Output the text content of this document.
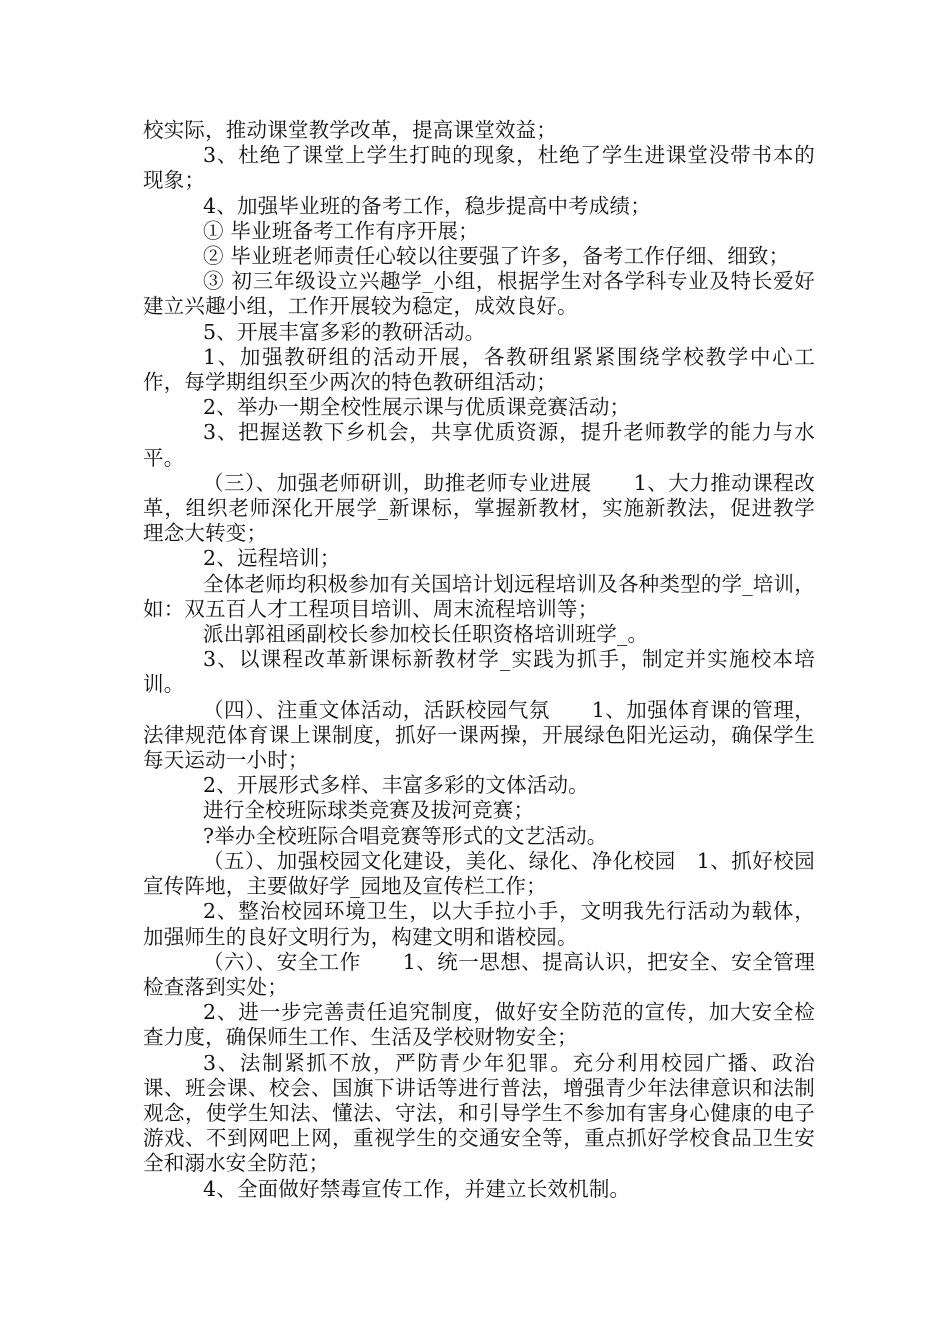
校实际，推动课堂教学改革，提高课堂效益；

3、杜绝了课堂上学生打盹的现象，杜绝了学生进课堂没带书本的现象；

4、加强毕业班的备考工作，稳步提高中考成绩；

① 毕业班备考工作有序开展；

② 毕业班老师责任心较以往要强了许多，备考工作仔细、细致；

③ 初三年级设立兴趣学_小组，根据学生对各学科专业及特长爱好建立兴趣小组，工作开展较为稳定，成效良好。

5、开展丰富多彩的教研活动。

1、加强教研组的活动开展，各教研组紧紧围绕学校教学中心工作，每学期组织至少两次的特色教研组活动；

2、举办一期全校性展示课与优质课竞赛活动；

3、把握送教下乡机会，共享优质资源，提升老师教学的能力与水平。

（三）、加强老师研训，助推老师专业进展　　1、大力推动课程改革，组织老师深化开展学_新课标，掌握新教材，实施新教法，促进教学理念大转变；

2、远程培训；

全体老师均积极参加有关国培计划远程培训及各种类型的学_培训，如：双五百人才工程项目培训、周末流程培训等；

派出郭祖函副校长参加校长任职资格培训班学_。

3、以课程改革新课标新教材学_实践为抓手，制定并实施校本培训。

（四）、注重文体活动，活跃校园气氛　　1、加强体育课的管理，法律规范体育课上课制度，抓好一课两操，开展绿色阳光运动，确保学生每天运动一小时；

2、开展形式多样、丰富多彩的文体活动。

进行全校班际球类竞赛及拔河竞赛；

?举办全校班际合唱竞赛等形式的文艺活动。

（五）、加强校园文化建设，美化、绿化、净化校园　1、抓好校园宣传阵地，主要做好学_园地及宣传栏工作；

2、整治校园环境卫生，以大手拉小手，文明我先行活动为载体，加强师生的良好文明行为，构建文明和谐校园。

（六）、安全工作　　1、统一思想、提高认识，把安全、安全管理检查落到实处；

2、进一步完善责任追究制度，做好安全防范的宣传，加大安全检查力度，确保师生工作、生活及学校财物安全；

3、法制紧抓不放，严防青少年犯罪。充分利用校园广播、政治课、班会课、校会、国旗下讲话等进行普法，增强青少年法律意识和法制观念，使学生知法、懂法、守法，和引导学生不参加有害身心健康的电子游戏、不到网吧上网，重视学生的交通安全等，重点抓好学校食品卫生安全和溺水安全防范；

4、全面做好禁毒宣传工作，并建立长效机制。
